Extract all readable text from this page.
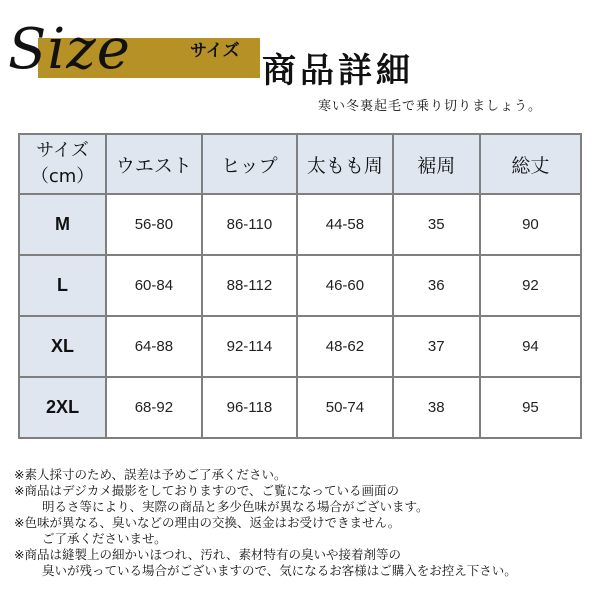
Size	サイズ 商品詳細
寒い冬裏起毛で乗り切りましょう。
サイズ
（cm）	ウエスト	ヒップ	太もも周	裾周	総丈
M	56-80	86-110	44-58	35	90
L	60-84	88-112	46-60	36	92
XL	64-88	92-114	48-62	37	94
2XL	68-92	96-118	50-74	38	95
※素人採寸のため、誤差は予めご了承ください。
※商品はデジカメ撮影をしておりますので、ご覧になっている画面の
明るさ等により、実際の商品と多少色味が異なる場合がございます。
※色味が異なる、臭いなどの理由の交換、返金はお受けできません。
ご了承くださいませ。
※商品は縫製上の細かいほつれ、汚れ、素材特有の臭いや接着剤等の
臭いが残っている場合がございますので、気になるお客様はご購入をお控え下さい。
